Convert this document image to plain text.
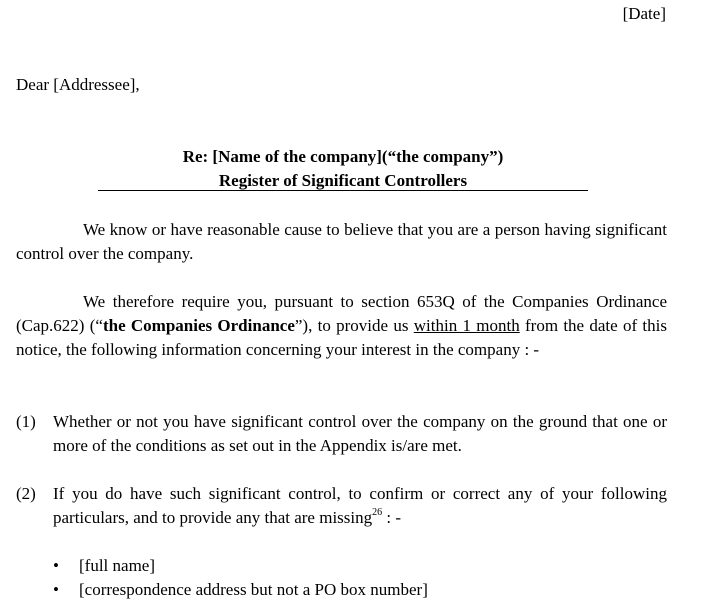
[Date]
Dear [Addressee],
Re: [Name of the company](“the company”)
Register of Significant Controllers

We know or have reasonable cause to believe that you are a person having significant control over the company.

We therefore require you, pursuant to section 653Q of the Companies Ordinance (Cap.622) (“the Companies Ordinance”), to provide us within 1 month from the date of this notice, the following information concerning your interest in the company : -

(1) Whether or not you have significant control over the company on the ground that one or more of the conditions as set out in the Appendix is/are met.
(2) If you do have such significant control, to confirm or correct any of your following particulars, and to provide any that are missing$^{26}$ : -
• [full name]
• [correspondence address but not a PO box number]
